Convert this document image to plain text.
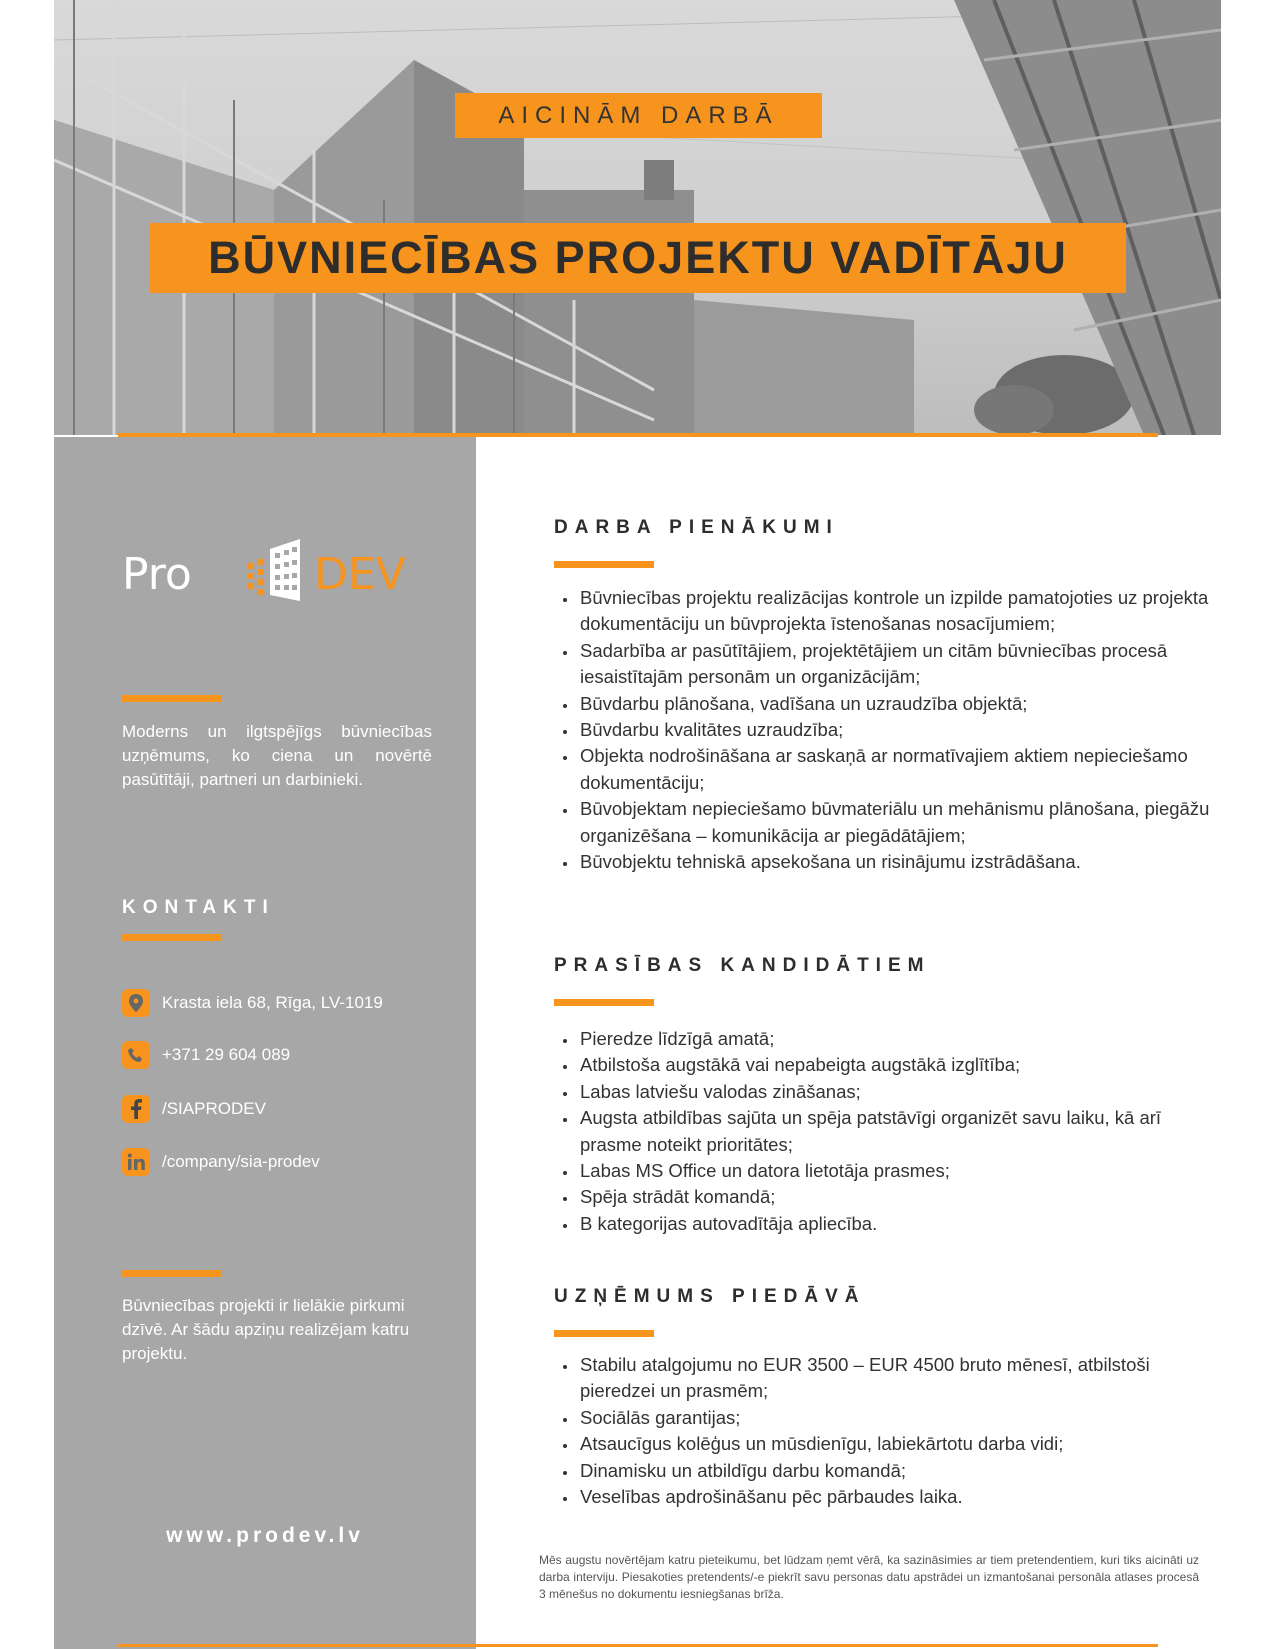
AICINĀM DARBĀ
BŪVNIECĪBAS PROJEKTU VADĪTĀJU
Pro	DEV
Moderns un ilgtspējīgs būvniecības uzņēmums, ko ciena un novērtē pasūtītāji, partneri un darbinieki.
KONTAKTI
Krasta iela 68, Rīga, LV-1019
+371 29 604 089
/SIAPRODEV
/company/sia-prodev
Būvniecības projekti ir lielākie pirkumi dzīvē. Ar šādu apziņu realizējam katru projektu.
www.prodev.lv
DARBA PIENĀKUMI
• Būvniecības projektu realizācijas kontrole un izpilde pamatojoties uz projekta dokumentāciju un būvprojekta īstenošanas nosacījumiem;
• Sadarbība ar pasūtītājiem, projektētājiem un citām būvniecības procesā iesaistītajām personām un organizācijām;
• Būvdarbu plānošana, vadīšana un uzraudzība objektā;
• Būvdarbu kvalitātes uzraudzība;
• Objekta nodrošināšana ar saskaņā ar normatīvajiem aktiem nepieciešamo dokumentāciju;
• Būvobjektam nepieciešamo būvmateriālu un mehānismu plānošana, piegāžu organizēšana – komunikācija ar piegādātājiem;
• Būvobjektu tehniskā apsekošana un risinājumu izstrādāšana.
PRASĪBAS KANDIDĀTIEM
• Pieredze līdzīgā amatā;
• Atbilstoša augstākā vai nepabeigta augstākā izglītība;
• Labas latviešu valodas zināšanas;
• Augsta atbildības sajūta un spēja patstāvīgi organizēt savu laiku, kā arī prasme noteikt prioritātes;
• Labas MS Office un datora lietotāja prasmes;
• Spēja strādāt komandā;
• B kategorijas autovadītāja apliecība.
UZŅĒMUMS PIEDĀVĀ
• Stabilu atalgojumu no EUR 3500 – EUR 4500 bruto mēnesī, atbilstoši pieredzei un prasmēm;
• Sociālās garantijas;
• Atsaucīgus kolēģus un mūsdienīgu, labiekārtotu darba vidi;
• Dinamisku un atbildīgu darbu komandā;
• Veselības apdrošināšanu pēc pārbaudes laika.
Mēs augstu novērtējam katru pieteikumu, bet lūdzam ņemt vērā, ka sazināsimies ar tiem pretendentiem, kuri tiks aicināti uz darba interviju. Piesakoties pretendents/-e piekrīt savu personas datu apstrādei un izmantošanai personāla atlases procesā 3 mēnešus no dokumentu iesniegšanas brīža.
